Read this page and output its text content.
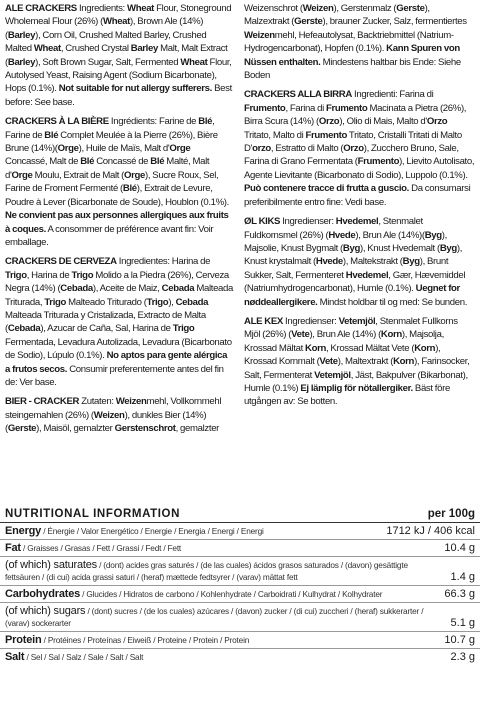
ALE CRACKERS Ingredients: Wheat Flour, Stoneground Wholemeal Flour (26%) (Wheat), Brown Ale (14%) (Barley), Corn Oil, Crushed Malted Barley, Crushed Malted Wheat, Crushed Crystal Barley Malt, Malt Extract (Barley), Soft Brown Sugar, Salt, Fermented Wheat Flour, Autolysed Yeast, Raising Agent (Sodium Bicarbonate), Hops (0.1%). Not suitable for nut allergy sufferers. Best before: See base.

CRACKERS À LA BIÈRE Ingrédients: Farine de Blé, Farine de Blé Complet Meulée à la Pierre (26%), Bière Brune (14%)(Orge), Huile de Maïs, Malt d'Orge Concassé, Malt de Blé Concassé de Blé Malté, Malt d'Orge Moulu, Extrait de Malt (Orge), Sucre Roux, Sel, Farine de Froment Fermenté (Blé), Extrait de Levure, Poudre à Lever (Bicarbonate de Soude), Houblon (0.1%). Ne convient pas aux personnes allergiques aux fruits à coques. A consommer de préférence avant fin: Voir emballage.

CRACKERS DE CERVEZA Ingredientes: Harina de Trigo, Harina de Trigo Molido a la Piedra (26%), Cerveza Negra (14%) (Cebada), Aceite de Maiz, Cebada Malteada Triturada, Trigo Malteado Triturado (Trigo), Cebada Malteada Triturada y Cristalizada, Extracto de Malta (Cebada), Azucar de Caña, Sal, Harina de Trigo Fermentada, Levadura Autolizada, Levadura (Bicarbonato de Sodio), Lúpulo (0.1%). No aptos para gente alérgica a frutos secos. Consumir preferentemente antes del fin de: Ver base.

BIER - CRACKER Zutaten: Weizenmehl, Vollkornmehl steingemahlen (26%) (Weizen), dunkles Bier (14%) (Gerste), Maisöl, gemalzter Gerstenschrot, gemalzter

Weizenschrot (Weizen), Gerstenmalz (Gerste), Malzextrakt (Gerste), brauner Zucker, Salz, fermentiertes Weizenmehl, Hefeautolysat, Backtriebmittel (Natrium-Hydrogencarbonat), Hopfen (0.1%). Kann Spuren von Nüssen enthalten. Mindestens haltbar bis Ende: Siehe Boden

CRACKERS ALLA BIRRA Ingredienti: Farina di Frumento, Farina di Frumento Macinata a Pietra (26%), Birra Scura (14%) (Orzo), Olio di Mais, Malto d'Orzo Tritato, Malto di Frumento Tritato, Cristalli Tritati di Malto D'orzo, Estratto di Malto (Orzo), Zucchero Bruno, Sale, Farina di Grano Fermentata (Frumento), Lievito Autolisato, Agente Lievitante (Bicarbonato di Sodio), Luppolo (0.1%). Può contenere tracce di frutta a guscio. Da consumarsi preferibilmente entro fine: Vedi base.

ØL KIKS Ingredienser: Hvedemel, Stenmalet Fuldkornsmel (26%) (Hvede), Brun Ale (14%)(Byg), Majsolie, Knust Bygmalt (Byg), Knust Hvedemalt (Byg), Knust krystalmalt (Hvede), Maltekstrakt (Byg), Brunt Sukker, Salt, Fermenteret Hvedemel, Gær, Hævemiddel (Natriumhydrogencarbonat), Humle (0.1%). Uegnet for nøddeallergikere. Mindst holdbar til og med: Se bunden.

ALE KEX Ingredienser: Vetemjöl, Stenmalet Fullkorns Mjöl (26%) (Vete), Brun Ale (14%) (Korn), Majsolja, Krossad Mältat Korn, Krossad Mältat Vete (Korn), Krossad Kornmalt (Vete), Maltextrakt (Korn), Farinsocker, Salt, Fermenterat Vetemjöl, Jäst, Bakpulver (Bikarbonat), Humle (0.1%) Ej lämplig för nötallergiker. Bäst före utgången av: Se botten.

NUTRITIONAL INFORMATION	per 100g
Energy / Énergie / Valor Energético / Energie / Energia / Energi / Energi	1712 kJ / 406 kcal
Fat / Graisses / Grasas / Fett / Grassi / Fedt / Fett	10.4 g
(of which) saturates / (dont) acides gras saturés / (de las cuales) ácidos grasos saturados / (davon) gesättigte fettsäuren / (di cui) acida grassi saturi / (heraf) mættede fedtsyrer / (varav) mättat fett	1.4 g
Carbohydrates / Glucides / Hidratos de carbono / Kohlenhydrate / Carboidrati / Kulhydrat / Kolhydrater	66.3 g
(of which) sugars / (dont) sucres / (de los cuales) azúcares / (davon) zucker / (di cui) zuccheri / (heraf) sukkerarter / (varav) sockerarter	5.1 g
Protein / Protéines / Proteínas / Eiweiß / Proteine / Protein / Protein	10.7 g
Salt / Sel / Sal / Salz / Sale / Salt / Salt	2.3 g
